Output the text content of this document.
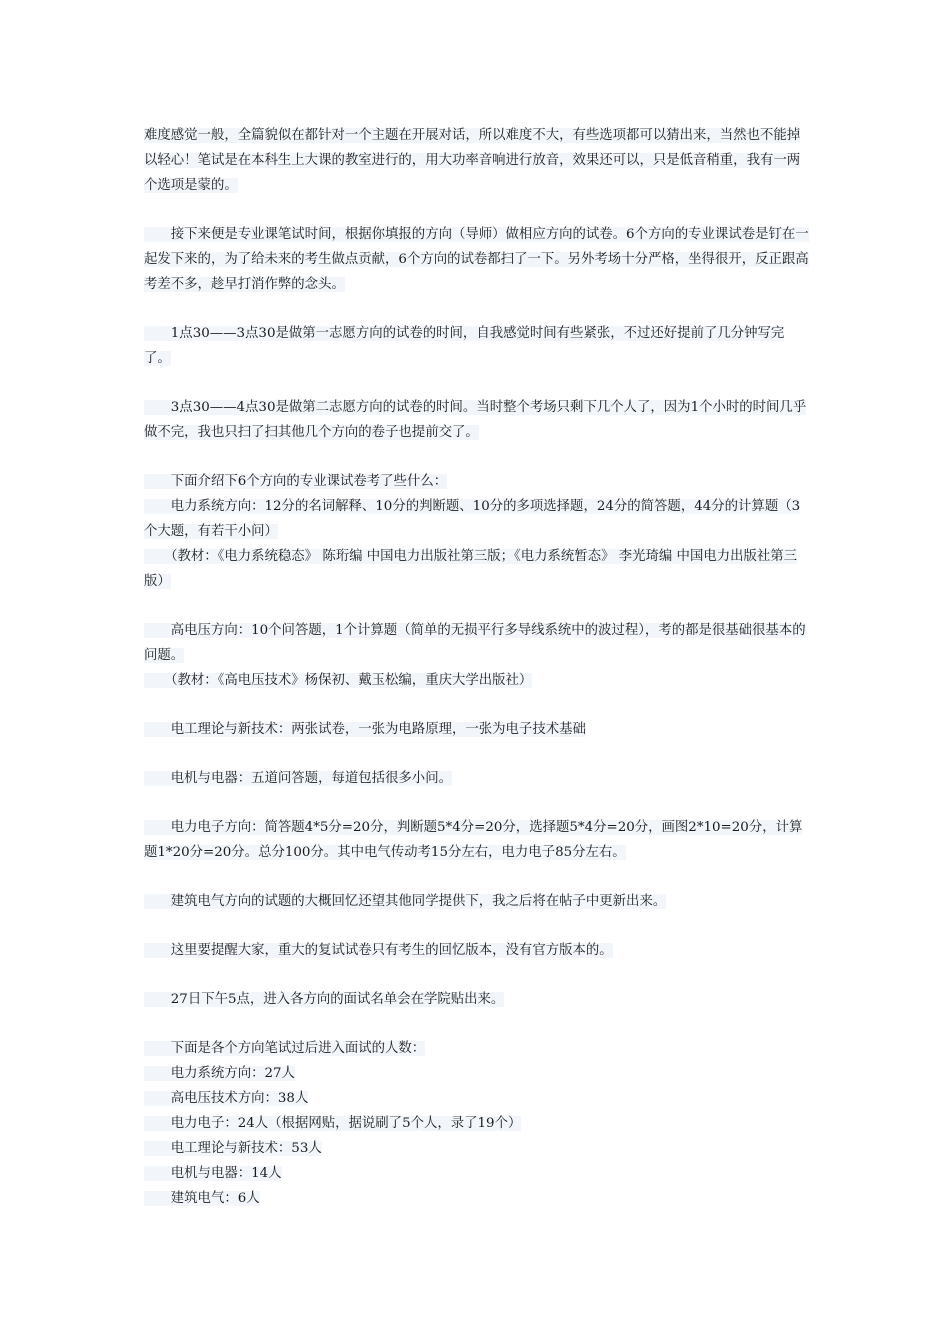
难度感觉一般，全篇貌似在都针对一个主题在开展对话，所以难度不大，有些选项都可以猜出来，当然也不能掉以轻心！笔试是在本科生上大课的教室进行的，用大功率音响进行放音，效果还可以，只是低音稍重，我有一两个选项是蒙的。

　　接下来便是专业课笔试时间，根据你填报的方向（导师）做相应方向的试卷。6个方向的专业课试卷是钉在一起发下来的，为了给未来的考生做点贡献，6个方向的试卷都扫了一下。另外考场十分严格，坐得很开，反正跟高考差不多，趁早打消作弊的念头。

　　1点30——3点30是做第一志愿方向的试卷的时间，自我感觉时间有些紧张，不过还好提前了几分钟写完了。

　　3点30——4点30是做第二志愿方向的试卷的时间。当时整个考场只剩下几个人了，因为1个小时的时间几乎做不完，我也只扫了扫其他几个方向的卷子也提前交了。

　　下面介绍下6个方向的专业课试卷考了些什么：

　　电力系统方向：12分的名词解释、10分的判断题、10分的多项选择题，24分的简答题，44分的计算题（3个大题，有若干小问）

　　（教材：《电力系统稳态》 陈珩编 中国电力出版社第三版；《电力系统暂态》 李光琦编 中国电力出版社第三版）

　　高电压方向：10个问答题，1个计算题（简单的无损平行多导线系统中的波过程），考的都是很基础很基本的问题。

　　（教材：《高电压技术》杨保初、戴玉松编，重庆大学出版社）

　　电工理论与新技术：两张试卷，一张为电路原理，一张为电子技术基础

　　电机与电器：五道问答题，每道包括很多小问。

　　电力电子方向：简答题4*5分=20分，判断题5*4分=20分，选择题5*4分=20分，画图2*10=20分，计算题1*20分=20分。总分100分。其中电气传动考15分左右，电力电子85分左右。

　　建筑电气方向的试题的大概回忆还望其他同学提供下，我之后将在帖子中更新出来。

　　这里要提醒大家，重大的复试试卷只有考生的回忆版本，没有官方版本的。

　　27日下午5点，进入各方向的面试名单会在学院贴出来。

　　下面是各个方向笔试过后进入面试的人数：

　　电力系统方向：27人

　　高电压技术方向：38人

　　电力电子：24人（根据网贴，据说刷了5个人，录了19个）

　　电工理论与新技术：53人

　　电机与电器：14人

　　建筑电气：6人
